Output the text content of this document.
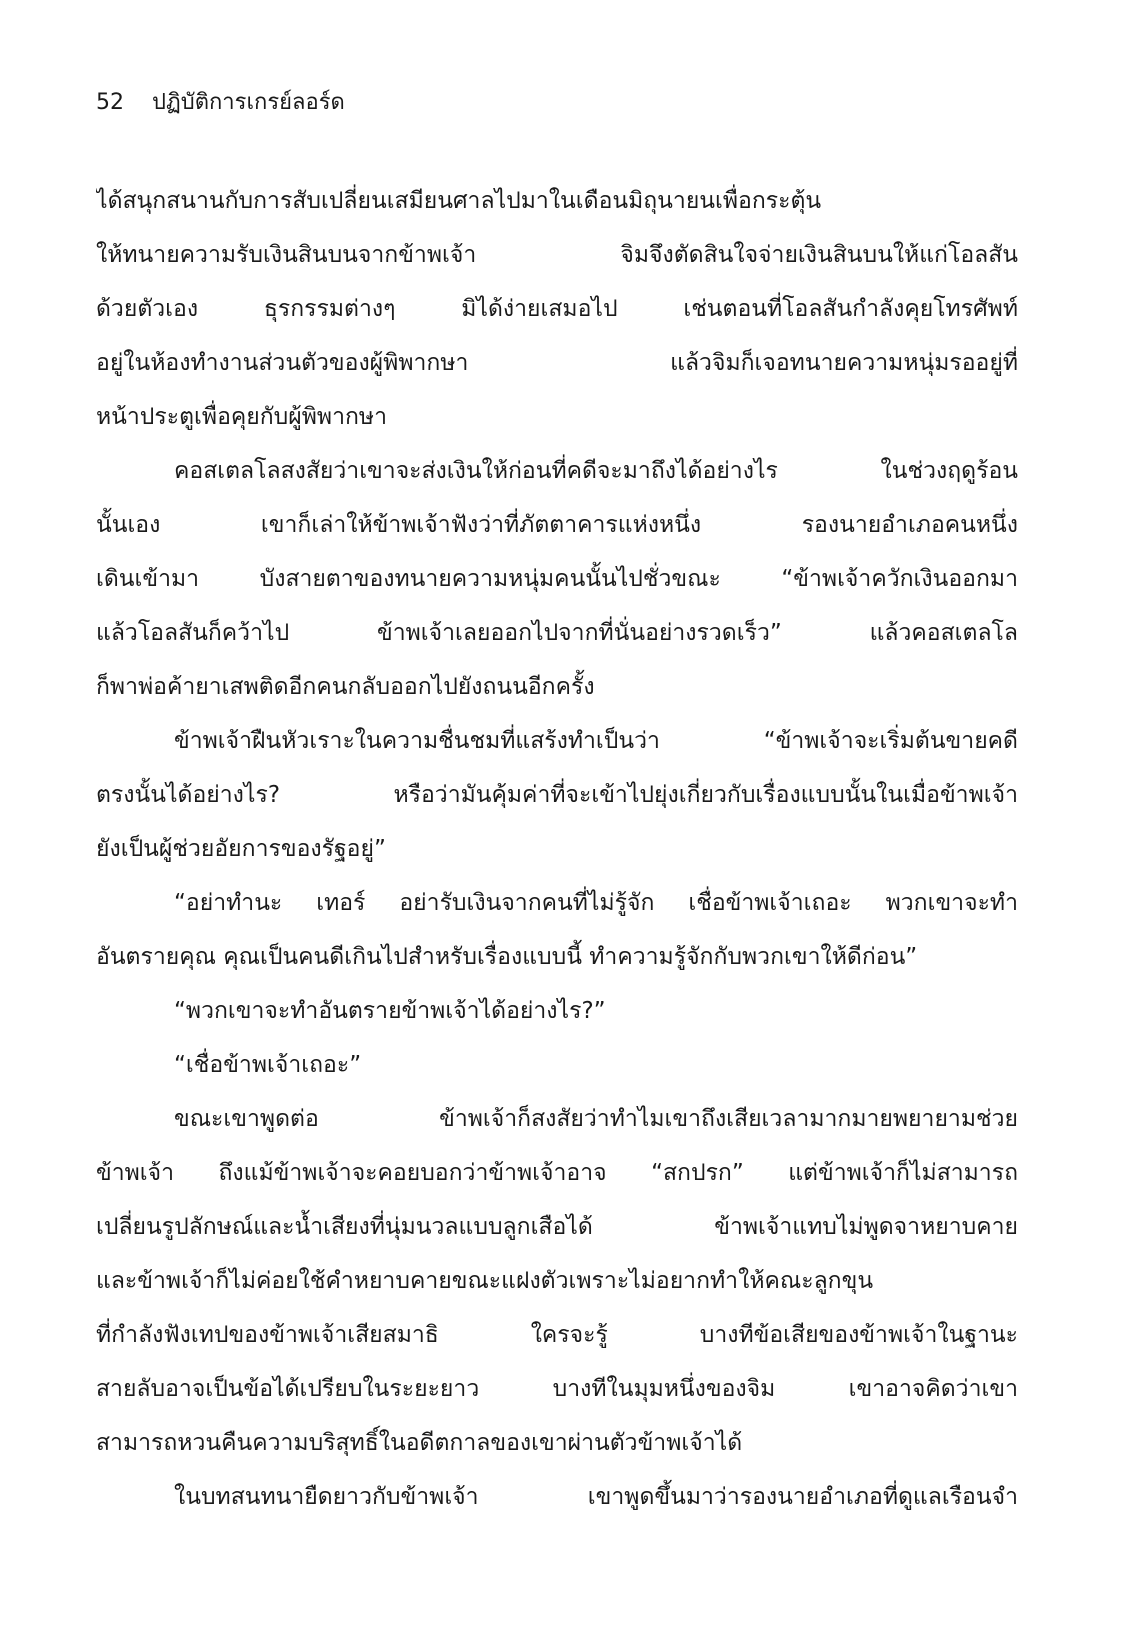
52 ปฏิบัติการเกรย์ลอร์ด
ได้สนุกสนานกับการสับเปลี่ยนเสมียนศาลไปมาในเดือนมิถุนายนเพื่อกระตุ้น
ให้ทนายความรับเงินสินบนจากข้าพเจ้า จิมจึงตัดสินใจจ่ายเงินสินบนให้แก่โอลสัน
ด้วยตัวเอง ธุรกรรมต่างๆ มิได้ง่ายเสมอไป เช่นตอนที่โอลสันกำลังคุยโทรศัพท์
อยู่ในห้องทำงานส่วนตัวของผู้พิพากษา แล้วจิมก็เจอทนายความหนุ่มรออยู่ที่
หน้าประตูเพื่อคุยกับผู้พิพากษา
คอสเตลโลสงสัยว่าเขาจะส่งเงินให้ก่อนที่คดีจะมาถึงได้อย่างไร ในช่วงฤดูร้อน
นั้นเอง เขาก็เล่าให้ข้าพเจ้าฟังว่าที่ภัตตาคารแห่งหนึ่ง รองนายอำเภอคนหนึ่ง
เดินเข้ามา บังสายตาของทนายความหนุ่มคนนั้นไปชั่วขณะ “ข้าพเจ้าควักเงินออกมา
แล้วโอลสันก็คว้าไป ข้าพเจ้าเลยออกไปจากที่นั่นอย่างรวดเร็ว” แล้วคอสเตลโล
ก็พาพ่อค้ายาเสพติดอีกคนกลับออกไปยังถนนอีกครั้ง
ข้าพเจ้าฝืนหัวเราะในความชื่นชมที่แสร้งทำเป็นว่า “ข้าพเจ้าจะเริ่มต้นขายคดี
ตรงนั้นได้อย่างไร? หรือว่ามันคุ้มค่าที่จะเข้าไปยุ่งเกี่ยวกับเรื่องแบบนั้นในเมื่อข้าพเจ้า
ยังเป็นผู้ช่วยอัยการของรัฐอยู่”
“อย่าทำนะ เทอร์ อย่ารับเงินจากคนที่ไม่รู้จัก เชื่อข้าพเจ้าเถอะ พวกเขาจะทำ
อันตรายคุณ คุณเป็นคนดีเกินไปสำหรับเรื่องแบบนี้ ทำความรู้จักกับพวกเขาให้ดีก่อน”
“พวกเขาจะทำอันตรายข้าพเจ้าได้อย่างไร?”
“เชื่อข้าพเจ้าเถอะ”
ขณะเขาพูดต่อ ข้าพเจ้าก็สงสัยว่าทำไมเขาถึงเสียเวลามากมายพยายามช่วย
ข้าพเจ้า ถึงแม้ข้าพเจ้าจะคอยบอกว่าข้าพเจ้าอาจ “สกปรก” แต่ข้าพเจ้าก็ไม่สามารถ
เปลี่ยนรูปลักษณ์และน้ำเสียงที่นุ่มนวลแบบลูกเสือได้ ข้าพเจ้าแทบไม่พูดจาหยาบคาย
และข้าพเจ้าก็ไม่ค่อยใช้คำหยาบคายขณะแฝงตัวเพราะไม่อยากทำให้คณะลูกขุน
ที่กำลังฟังเทปของข้าพเจ้าเสียสมาธิ ใครจะรู้ บางทีข้อเสียของข้าพเจ้าในฐานะ
สายลับอาจเป็นข้อได้เปรียบในระยะยาว บางทีในมุมหนึ่งของจิม เขาอาจคิดว่าเขา
สามารถหวนคืนความบริสุทธิ์ในอดีตกาลของเขาผ่านตัวข้าพเจ้าได้
ในบทสนทนายืดยาวกับข้าพเจ้า เขาพูดขึ้นมาว่ารองนายอำเภอที่ดูแลเรือนจำ
